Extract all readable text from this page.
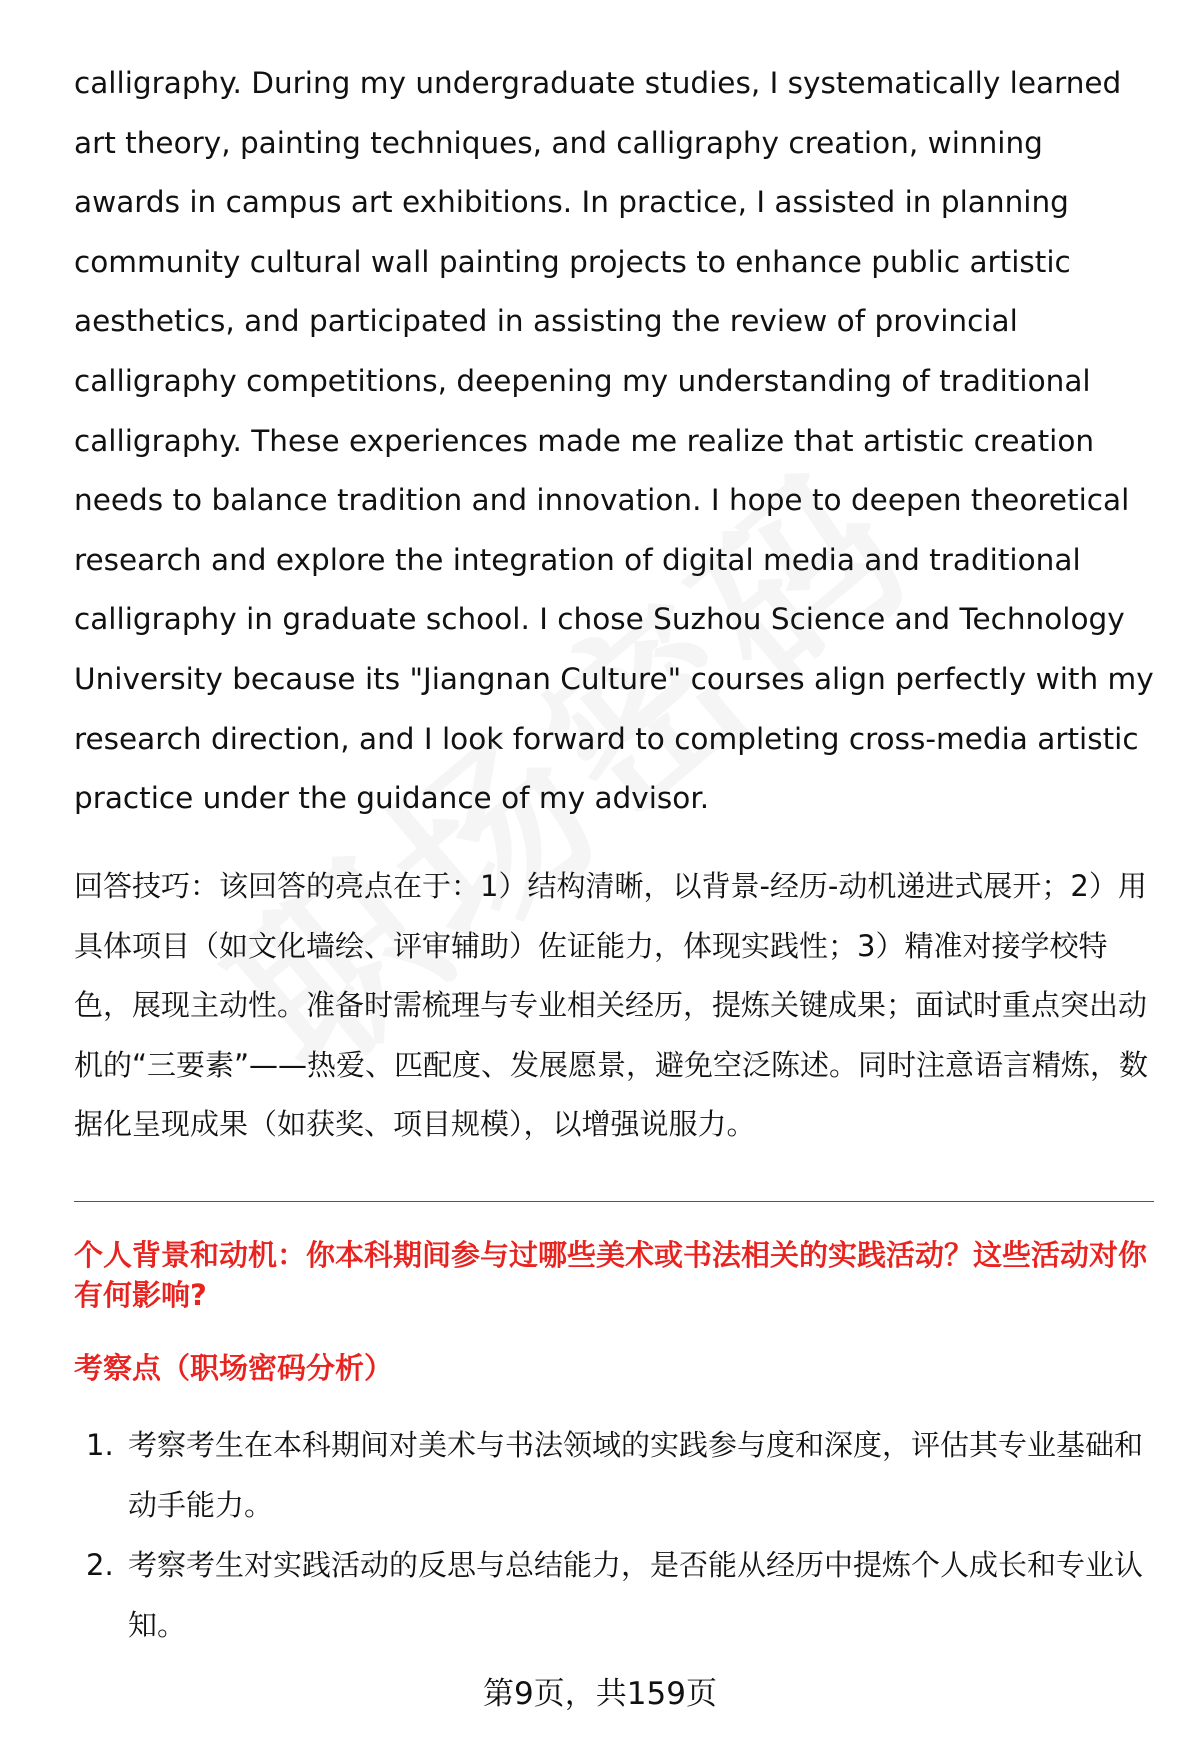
calligraphy. During my undergraduate studies, I systematically learned art theory, painting techniques, and calligraphy creation, winning awards in campus art exhibitions. In practice, I assisted in planning community cultural wall painting projects to enhance public artistic aesthetics, and participated in assisting the review of provincial calligraphy competitions, deepening my understanding of traditional calligraphy. These experiences made me realize that artistic creation needs to balance tradition and innovation. I hope to deepen theoretical research and explore the integration of digital media and traditional calligraphy in graduate school. I chose Suzhou Science and Technology University because its "Jiangnan Culture" courses align perfectly with my research direction, and I look forward to completing cross-media artistic practice under the guidance of my advisor.

回答技巧：该回答的亮点在于：1）结构清晰，以背景-经历-动机递进式展开；2）用具体项目（如文化墙绘、评审辅助）佐证能力，体现实践性；3）精准对接学校特色，展现主动性。准备时需梳理与专业相关经历，提炼关键成果；面试时重点突出动机的“三要素”——热爱、匹配度、发展愿景，避免空泛陈述。同时注意语言精炼，数据化呈现成果（如获奖、项目规模），以增强说服力。

个人背景和动机：你本科期间参与过哪些美术或书法相关的实践活动？这些活动对你有何影响?

考察点（职场密码分析）

1. 考察考生在本科期间对美术与书法领域的实践参与度和深度，评估其专业基础和动手能力。
2. 考察考生对实践活动的反思与总结能力，是否能从经历中提炼个人成长和专业认知。
第9页，共159页
